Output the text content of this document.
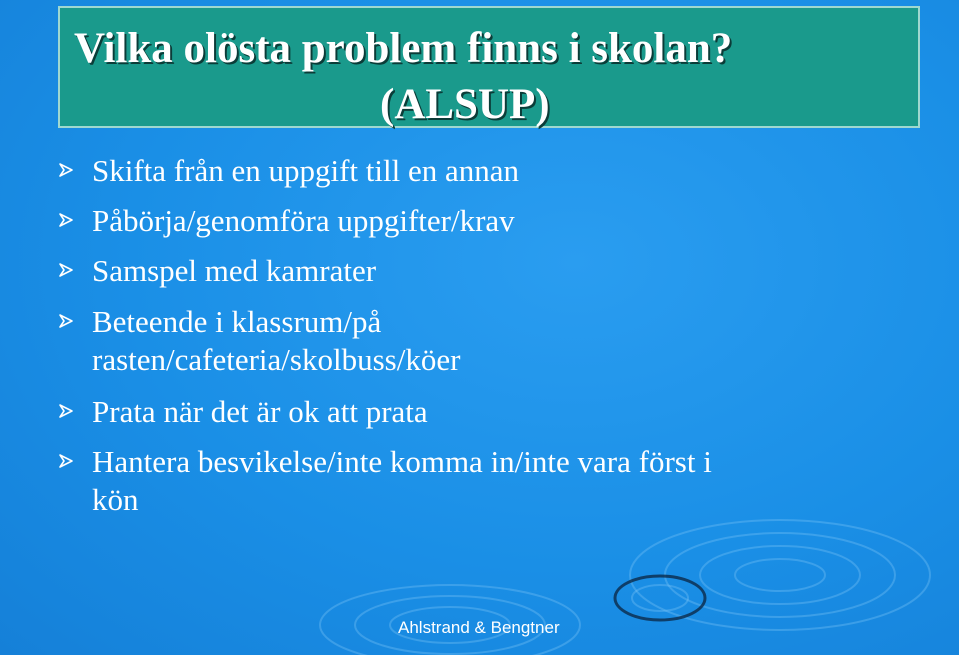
Vilka olösta problem finns i skolan?
(ALSUP)
Skifta från en uppgift till en annan
Påbörja/genomföra uppgifter/krav
Samspel med kamrater
Beteende i klassrum/på
rasten/cafeteria/skolbuss/köer
Prata när det är ok att prata
Hantera besvikelse/inte komma in/inte vara först i
kön
Ahlstrand & Bengtner
